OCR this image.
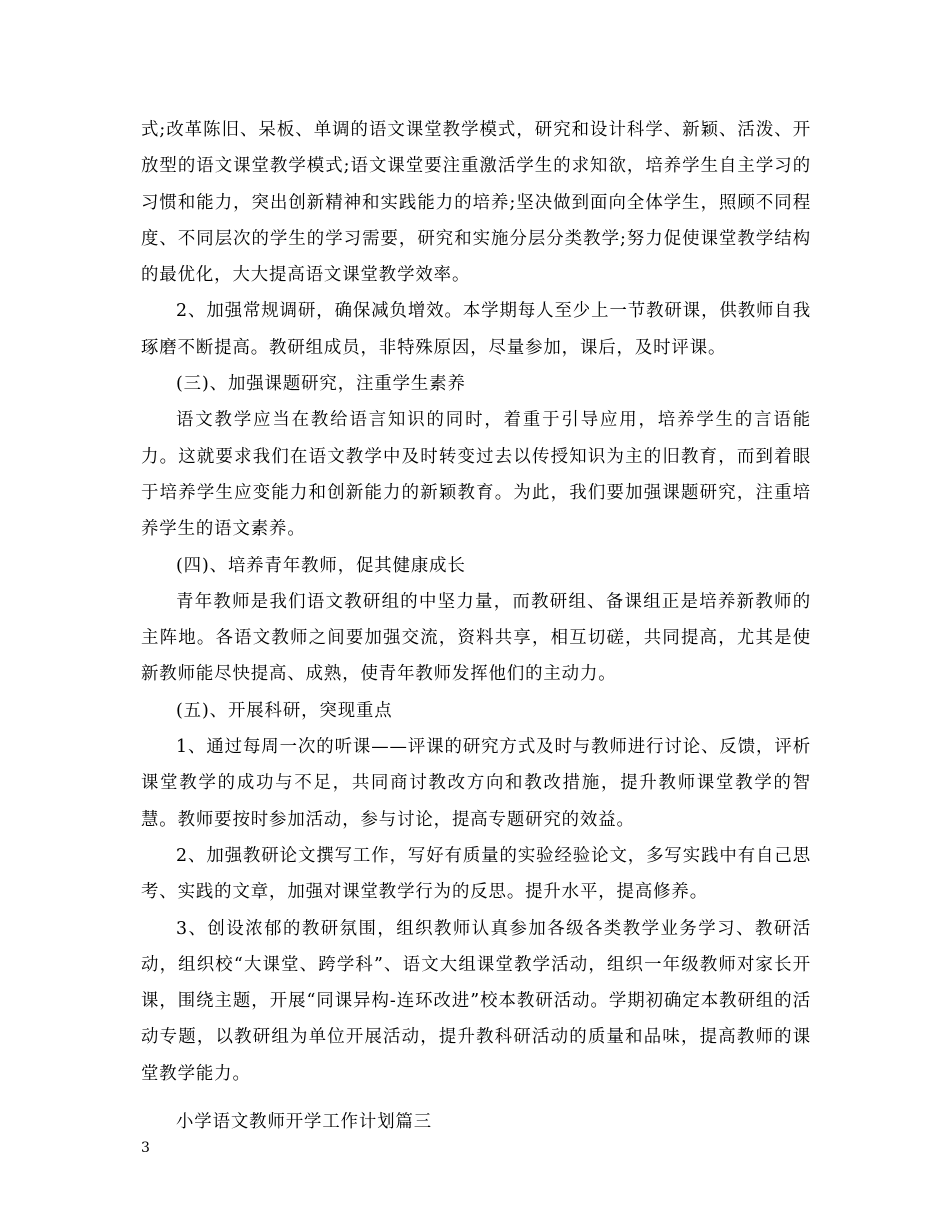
式;改革陈旧、呆板、单调的语文课堂教学模式，研究和设计科学、新颖、活泼、开放型的语文课堂教学模式;语文课堂要注重激活学生的求知欲，培养学生自主学习的习惯和能力，突出创新精神和实践能力的培养;坚决做到面向全体学生，照顾不同程度、不同层次的学生的学习需要，研究和实施分层分类教学;努力促使课堂教学结构的最优化，大大提高语文课堂教学效率。

2、加强常规调研，确保减负增效。本学期每人至少上一节教研课，供教师自我琢磨不断提高。教研组成员，非特殊原因，尽量参加，课后，及时评课。

(三)、加强课题研究，注重学生素养

语文教学应当在教给语言知识的同时，着重于引导应用，培养学生的言语能力。这就要求我们在语文教学中及时转变过去以传授知识为主的旧教育，而到着眼于培养学生应变能力和创新能力的新颖教育。为此，我们要加强课题研究，注重培养学生的语文素养。

(四)、培养青年教师，促其健康成长

青年教师是我们语文教研组的中坚力量，而教研组、备课组正是培养新教师的主阵地。各语文教师之间要加强交流，资料共享，相互切磋，共同提高，尤其是使新教师能尽快提高、成熟，使青年教师发挥他们的主动力。

(五)、开展科研，突现重点

1、通过每周一次的听课——评课的研究方式及时与教师进行讨论、反馈，评析课堂教学的成功与不足，共同商讨教改方向和教改措施，提升教师课堂教学的智慧。教师要按时参加活动，参与讨论，提高专题研究的效益。

2、加强教研论文撰写工作，写好有质量的实验经验论文，多写实践中有自己思考、实践的文章，加强对课堂教学行为的反思。提升水平，提高修养。

3、创设浓郁的教研氛围，组织教师认真参加各级各类教学业务学习、教研活动，组织校“大课堂、跨学科”、语文大组课堂教学活动，组织一年级教师对家长开课，围绕主题，开展“同课异构-连环改进”校本教研活动。学期初确定本教研组的活动专题，以教研组为单位开展活动，提升教科研活动的质量和品味，提高教师的课堂教学能力。

小学语文教师开学工作计划篇三

3
